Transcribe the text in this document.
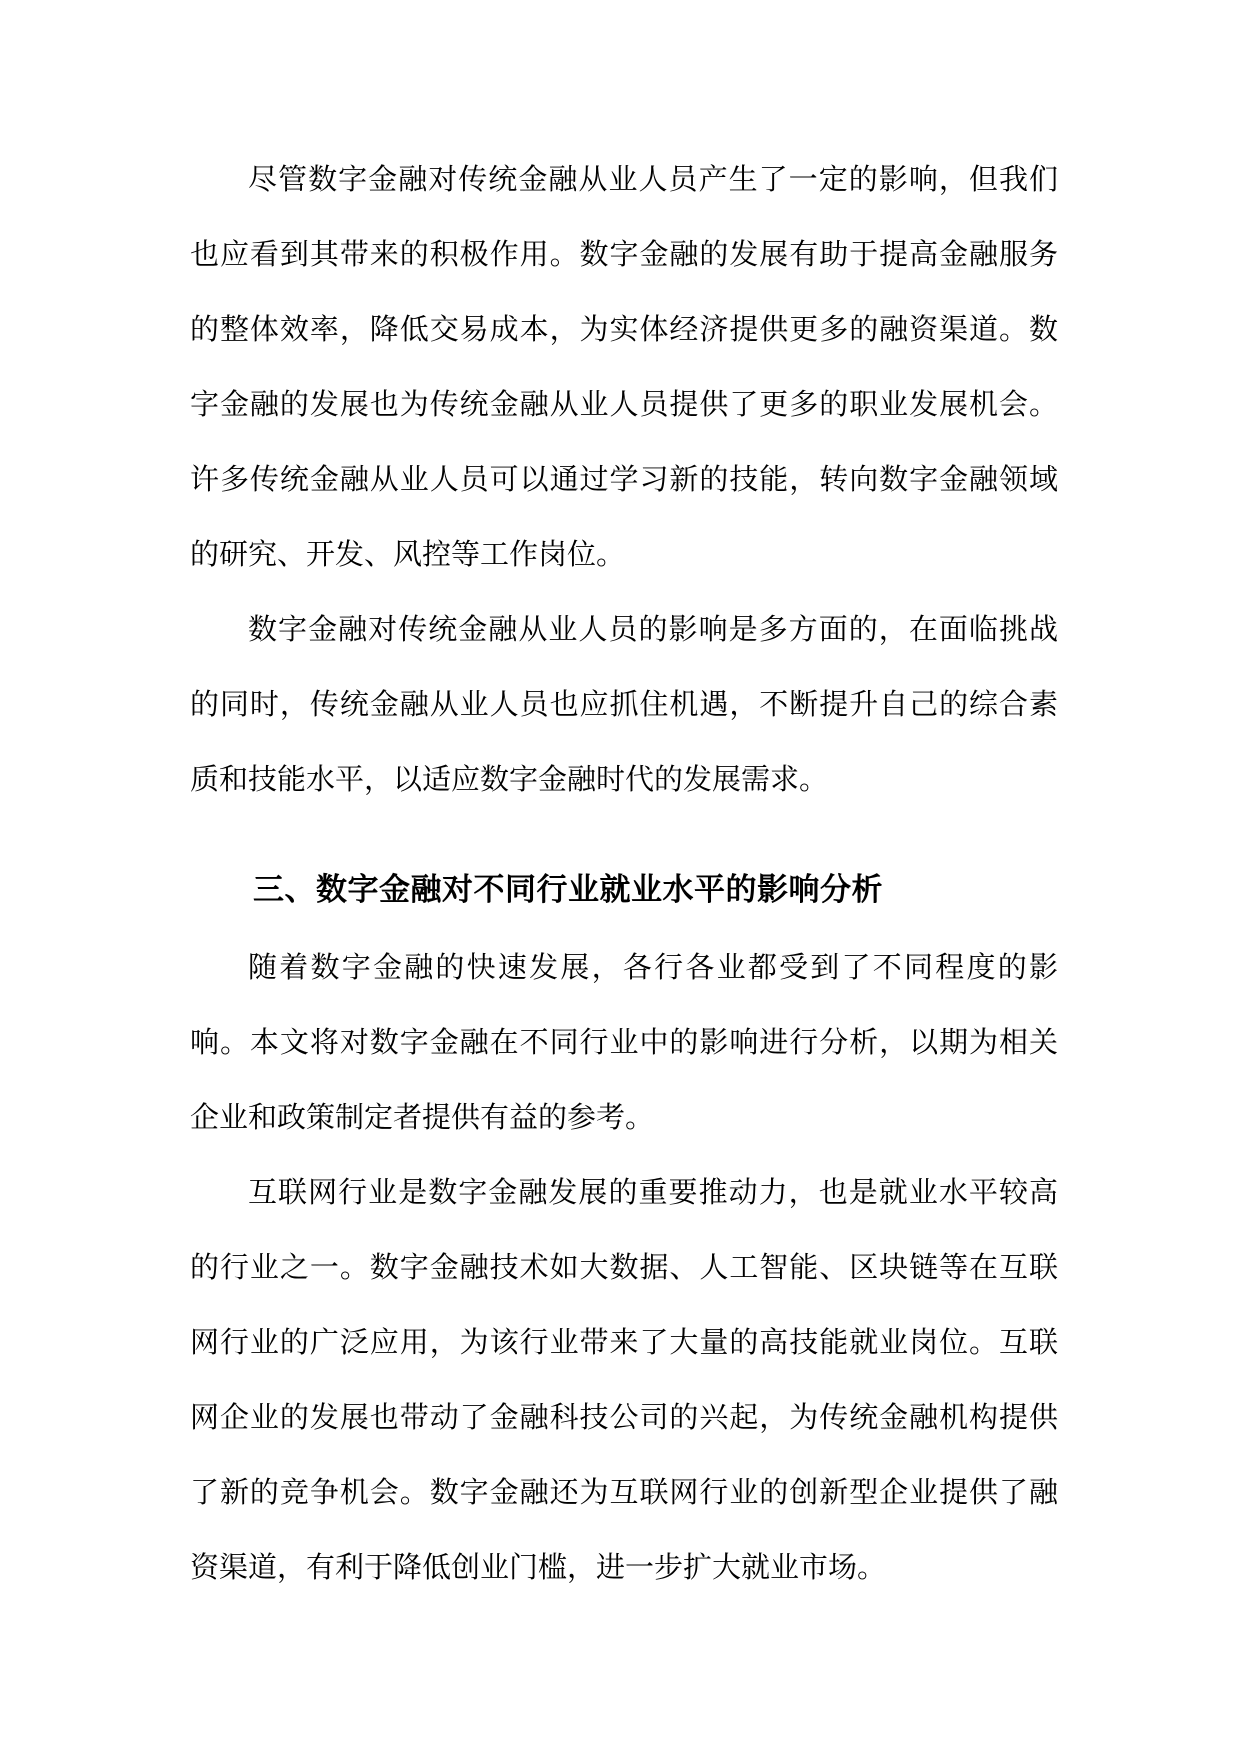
尽管数字金融对传统金融从业人员产生了一定的影响，但我们也应看到其带来的积极作用。数字金融的发展有助于提高金融服务的整体效率，降低交易成本，为实体经济提供更多的融资渠道。数字金融的发展也为传统金融从业人员提供了更多的职业发展机会。许多传统金融从业人员可以通过学习新的技能，转向数字金融领域的研究、开发、风控等工作岗位。

数字金融对传统金融从业人员的影响是多方面的，在面临挑战的同时，传统金融从业人员也应抓住机遇，不断提升自己的综合素质和技能水平，以适应数字金融时代的发展需求。

三、数字金融对不同行业就业水平的影响分析

随着数字金融的快速发展，各行各业都受到了不同程度的影响。本文将对数字金融在不同行业中的影响进行分析，以期为相关企业和政策制定者提供有益的参考。

互联网行业是数字金融发展的重要推动力，也是就业水平较高的行业之一。数字金融技术如大数据、人工智能、区块链等在互联网行业的广泛应用，为该行业带来了大量的高技能就业岗位。互联网企业的发展也带动了金融科技公司的兴起，为传统金融机构提供了新的竞争机会。数字金融还为互联网行业的创新型企业提供了融资渠道，有利于降低创业门槛，进一步扩大就业市场。
